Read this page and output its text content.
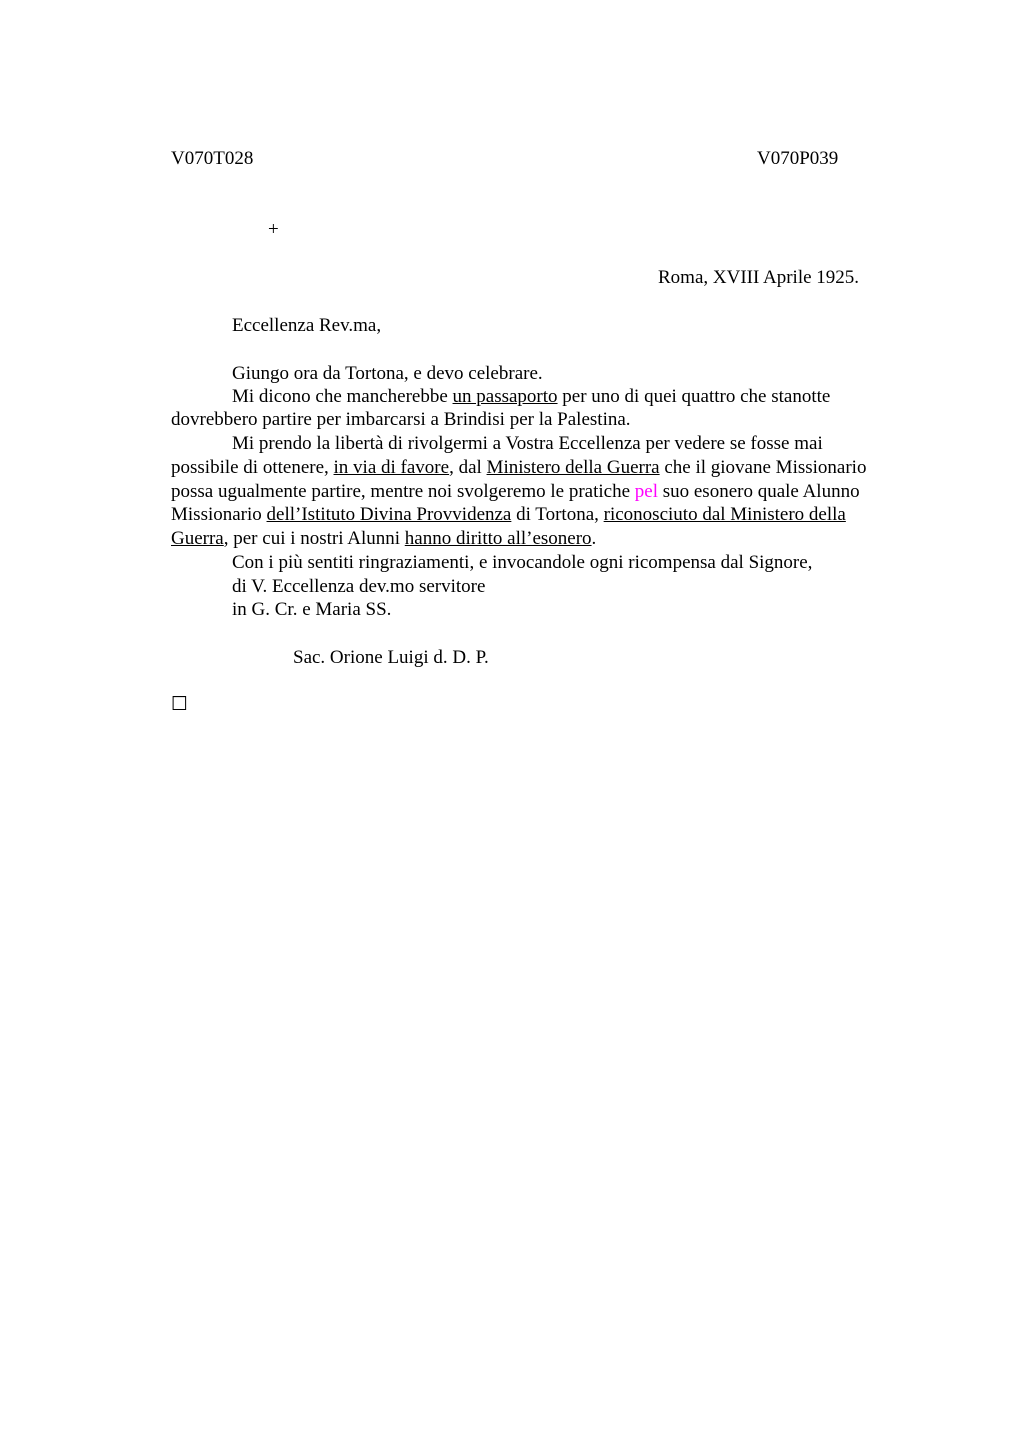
V070T028	V070P039
+
Roma, XVIII Aprile 1925.
Eccellenza Rev.ma,
Giungo ora da Tortona, e devo celebrare.
Mi dicono che mancherebbe un passaporto per uno di quei quattro che stanotte
dovrebbero partire per imbarcarsi a Brindisi per la Palestina.
Mi prendo la libertà di rivolgermi a Vostra Eccellenza per vedere se fosse mai
possibile di ottenere, in via di favore, dal Ministero della Guerra che il giovane Missionario
possa ugualmente partire, mentre noi svolgeremo le pratiche pel suo esonero quale Alunno
Missionario dell’Istituto Divina Provvidenza di Tortona, riconosciuto dal Ministero della
Guerra, per cui i nostri Alunni hanno diritto all’esonero.
Con i più sentiti ringraziamenti, e invocandole ogni ricompensa dal Signore,
di V. Eccellenza dev.mo servitore
in G. Cr. e Maria SS.
Sac. Orione Luigi d. D. P.
☐
